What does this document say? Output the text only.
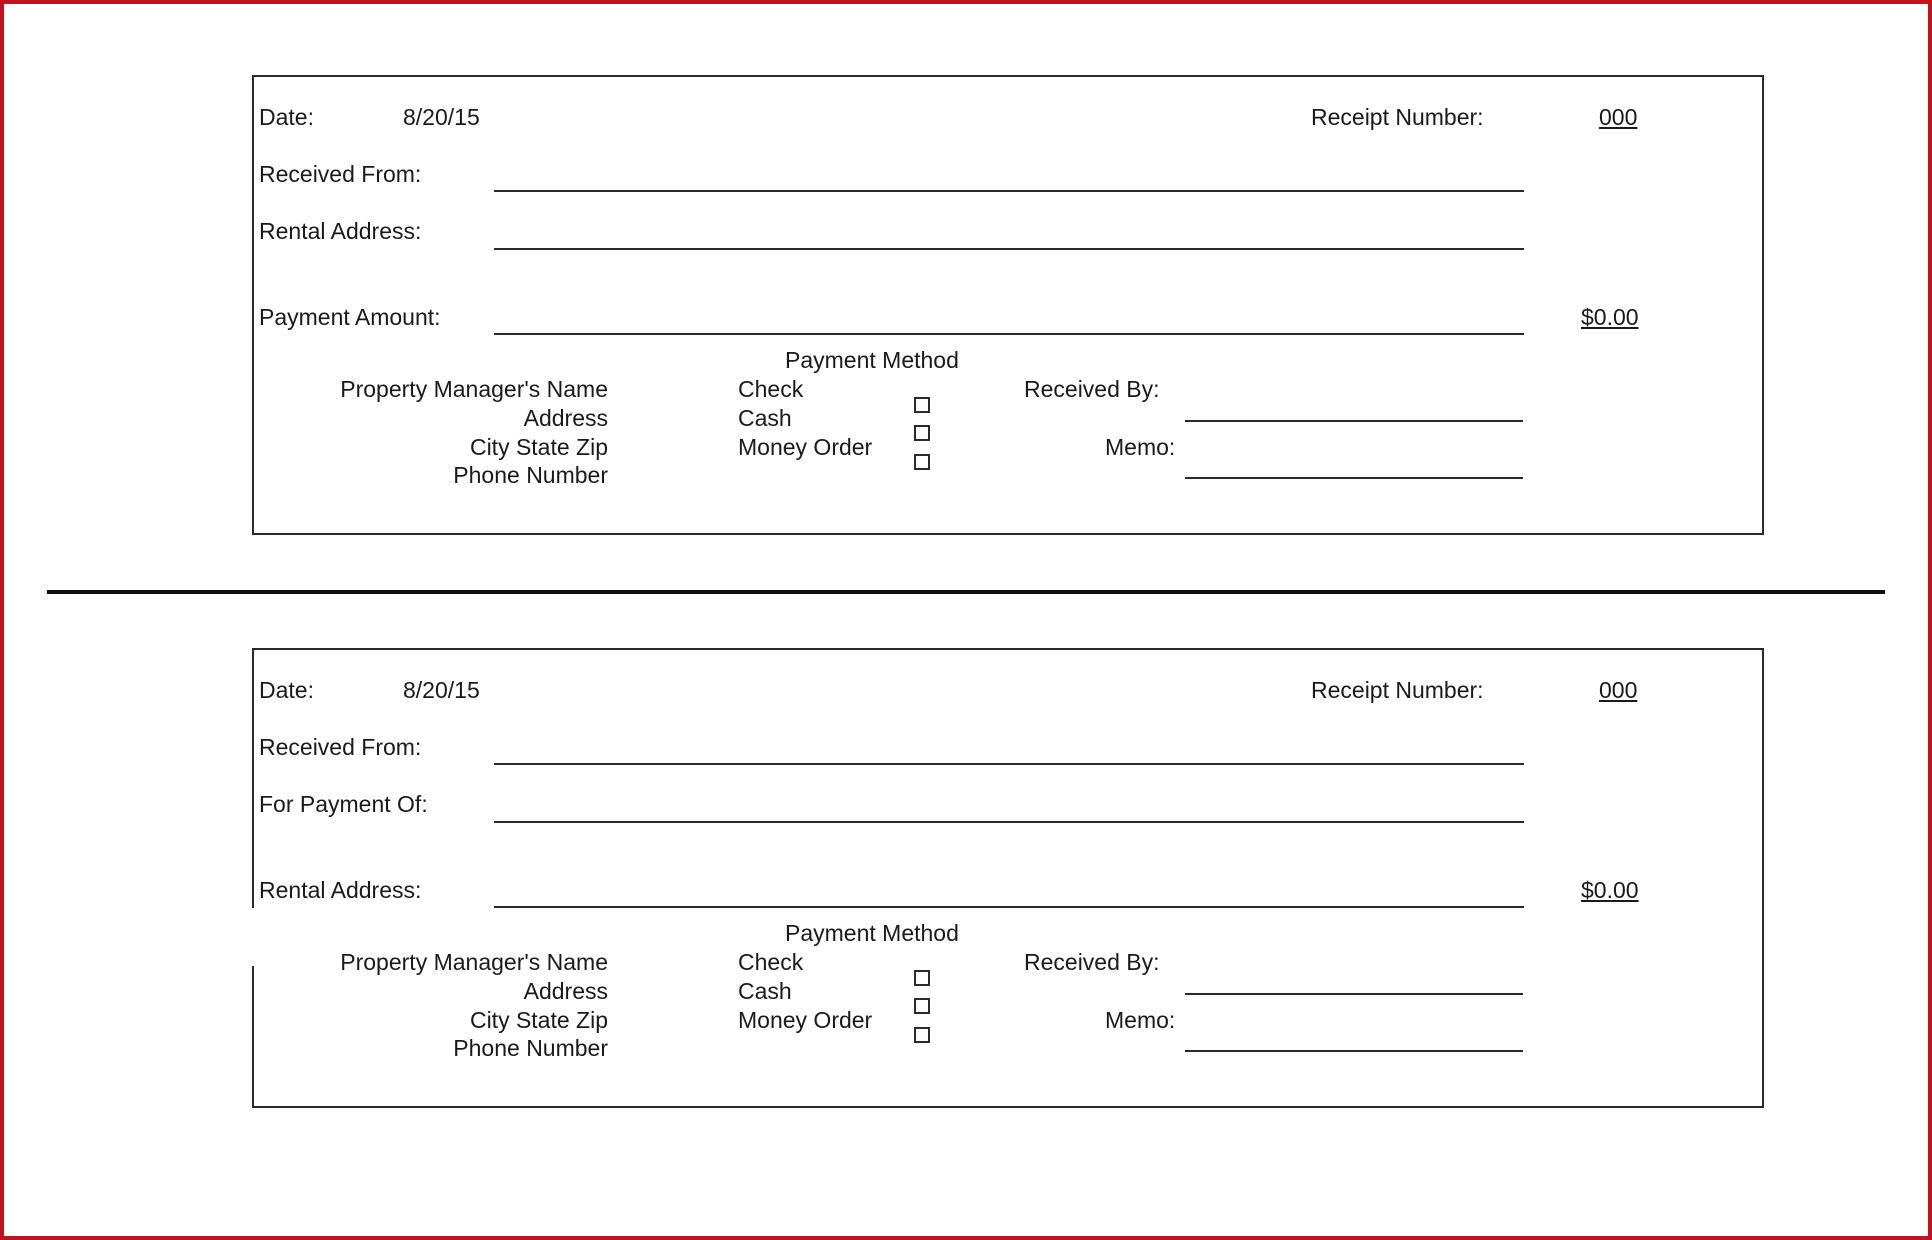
Date:	8/20/15	Receipt Number:	000
Received From:
Rental Address:
Payment Amount:	$0.00
Property Manager's Name
Address
City State Zip
Phone Number
Payment Method
Check
Cash
Money Order
Received By:
Memo:
Date:	8/20/15	Receipt Number:	000
Received From:
For Payment Of:
Rental Address:	$0.00
Property Manager's Name
Address
City State Zip
Phone Number
Payment Method
Check
Cash
Money Order
Received By:
Memo:
